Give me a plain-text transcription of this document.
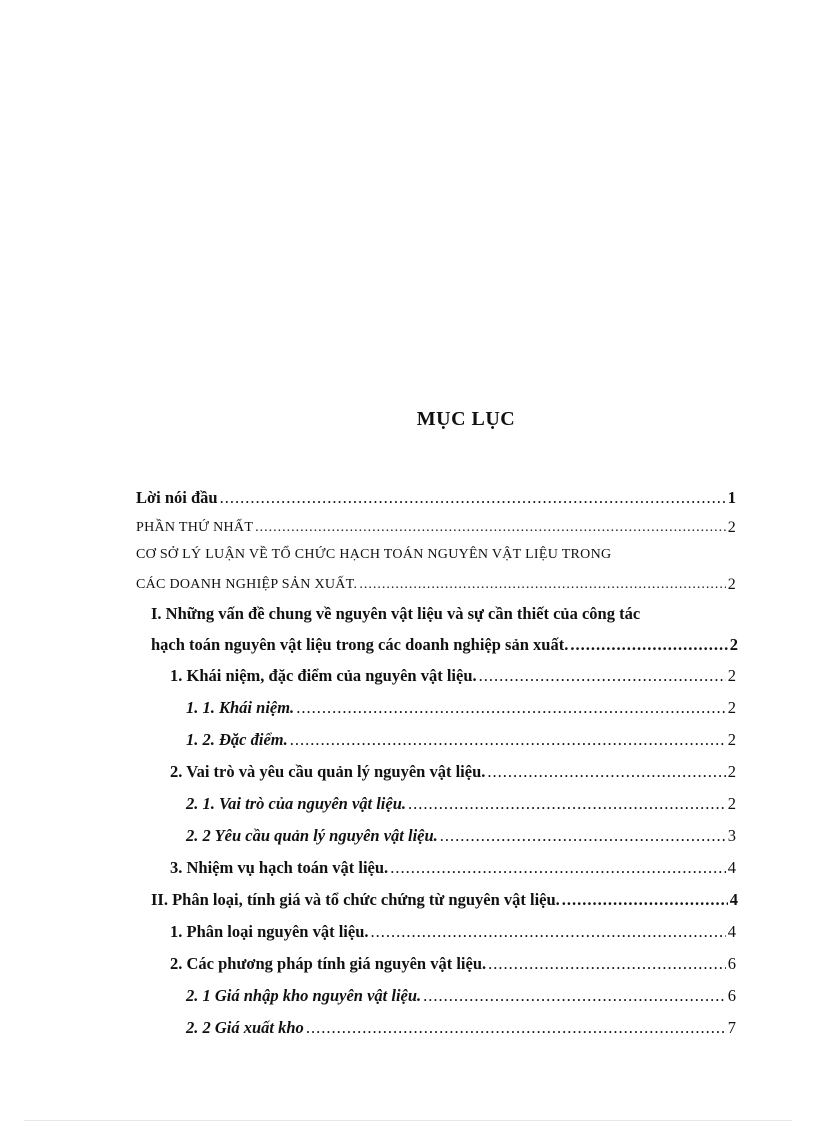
MỤC LỤC
Lời nói đầu .....	1
PHẦN THỨ NHẤT .....	2
CƠ SỞ LÝ LUẬN VỀ TỔ CHỨC HẠCH TOÁN NGUYÊN VẬT LIỆU TRONG
CÁC DOANH NGHIỆP SẢN XUẤT. .....	2
I. Những vấn đề chung về nguyên vật liệu và sự cần thiết của công tác
hạch toán nguyên vật liệu trong các doanh nghiệp sản xuất. .....	2
1. Khái niệm, đặc điểm của nguyên vật liệu. .....	2
1. 1. Khái niệm. .....	2
1. 2. Đặc điểm. .....	2
2. Vai trò và yêu cầu quản lý nguyên vật liệu. .....	2
2. 1. Vai trò của nguyên vật liệu. .....	2
2. 2 Yêu cầu quản lý nguyên vật liệu. .....	3
3. Nhiệm vụ hạch toán vật liệu. .....	4
II. Phân loại, tính giá và tổ chức chứng từ nguyên vật liệu. .....	4
1. Phân loại nguyên vật liệu. .....	4
2. Các phương pháp tính giá nguyên vật liệu. .....	6
2. 1 Giá nhập kho nguyên vật liệu. .....	6
2. 2 Giá xuất kho .....	7
